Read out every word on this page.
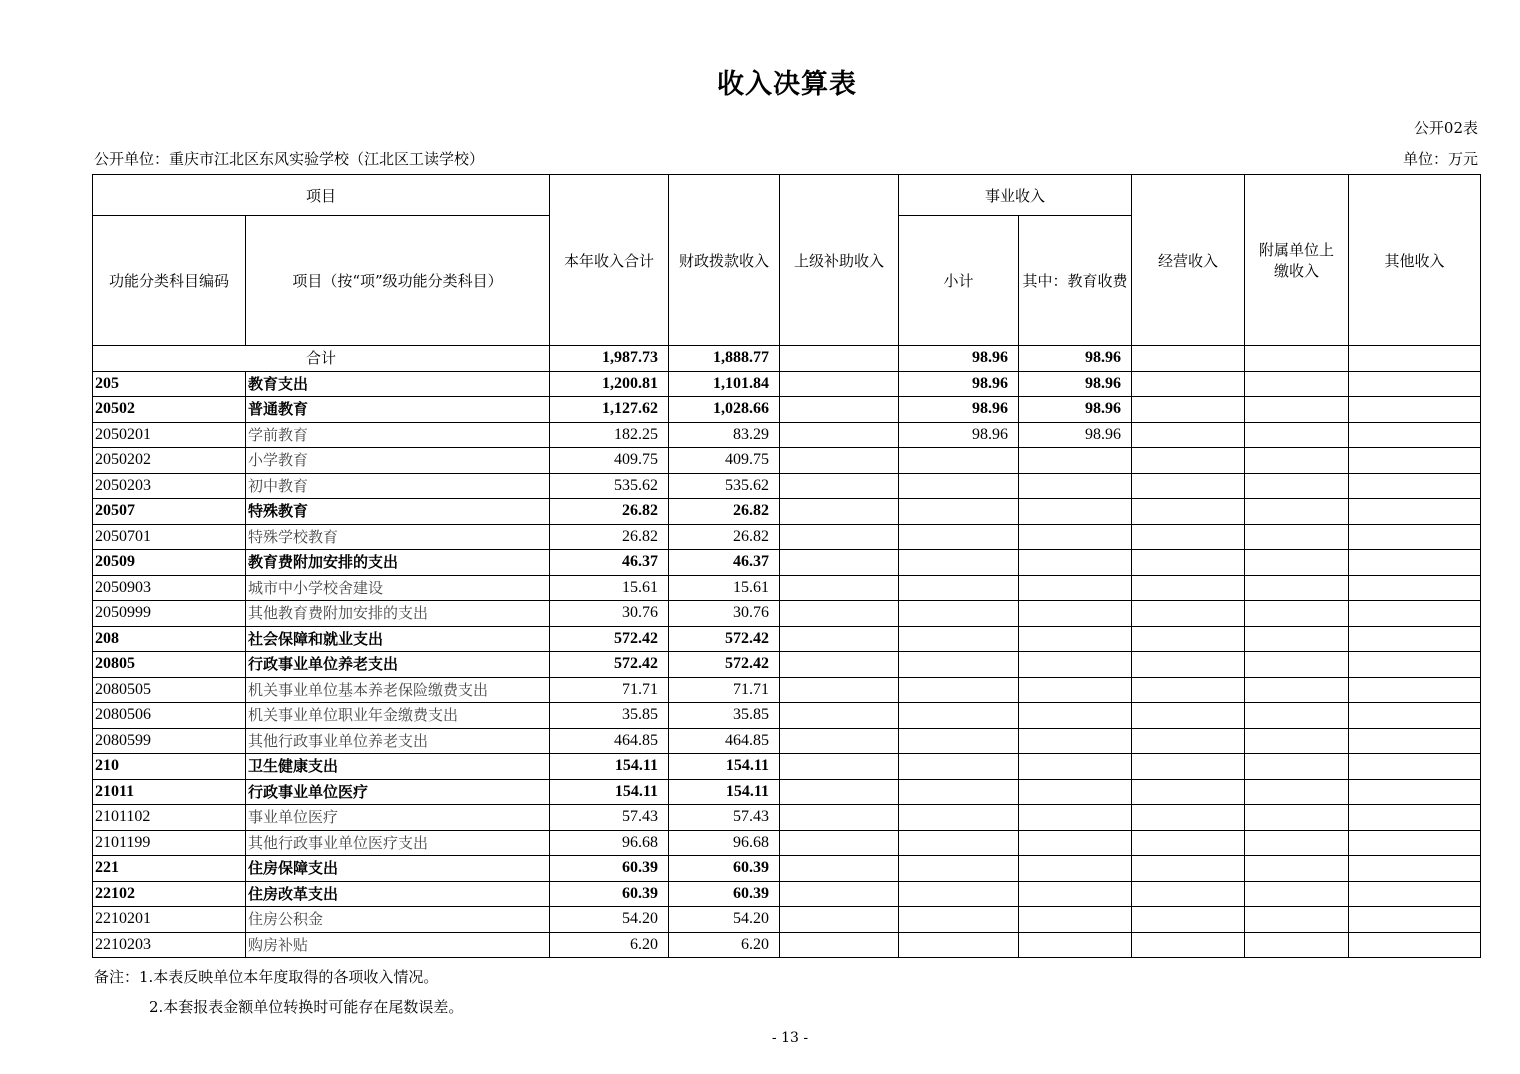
收入决算表
公开02表
公开单位：重庆市江北区东风实验学校（江北区工读学校）	单位：万元
项目		本年收入合计	财政拨款收入	上级补助收入	事业收入		经营收入	附属单位上缴收入	其他收入
功能分类科目编码	项目（按“项”级功能分类科目）				小计	其中：教育收费			
合计		1,987.73	1,888.77		98.96	98.96			
205	教育支出	1,200.81	1,101.84		98.96	98.96			
20502	普通教育	1,127.62	1,028.66		98.96	98.96			
2050201	学前教育	182.25	83.29		98.96	98.96			
2050202	小学教育	409.75	409.75						
2050203	初中教育	535.62	535.62						
20507	特殊教育	26.82	26.82						
2050701	特殊学校教育	26.82	26.82						
20509	教育费附加安排的支出	46.37	46.37						
2050903	城市中小学校舍建设	15.61	15.61						
2050999	其他教育费附加安排的支出	30.76	30.76						
208	社会保障和就业支出	572.42	572.42						
20805	行政事业单位养老支出	572.42	572.42						
2080505	机关事业单位基本养老保险缴费支出	71.71	71.71						
2080506	机关事业单位职业年金缴费支出	35.85	35.85						
2080599	其他行政事业单位养老支出	464.85	464.85						
210	卫生健康支出	154.11	154.11						
21011	行政事业单位医疗	154.11	154.11						
2101102	事业单位医疗	57.43	57.43						
2101199	其他行政事业单位医疗支出	96.68	96.68						
221	住房保障支出	60.39	60.39						
22102	住房改革支出	60.39	60.39						
2210201	住房公积金	54.20	54.20						
2210203	购房补贴	6.20	6.20						
备注：1.本表反映单位本年度取得的各项收入情况。
2.本套报表金额单位转换时可能存在尾数误差。
- 13 -
